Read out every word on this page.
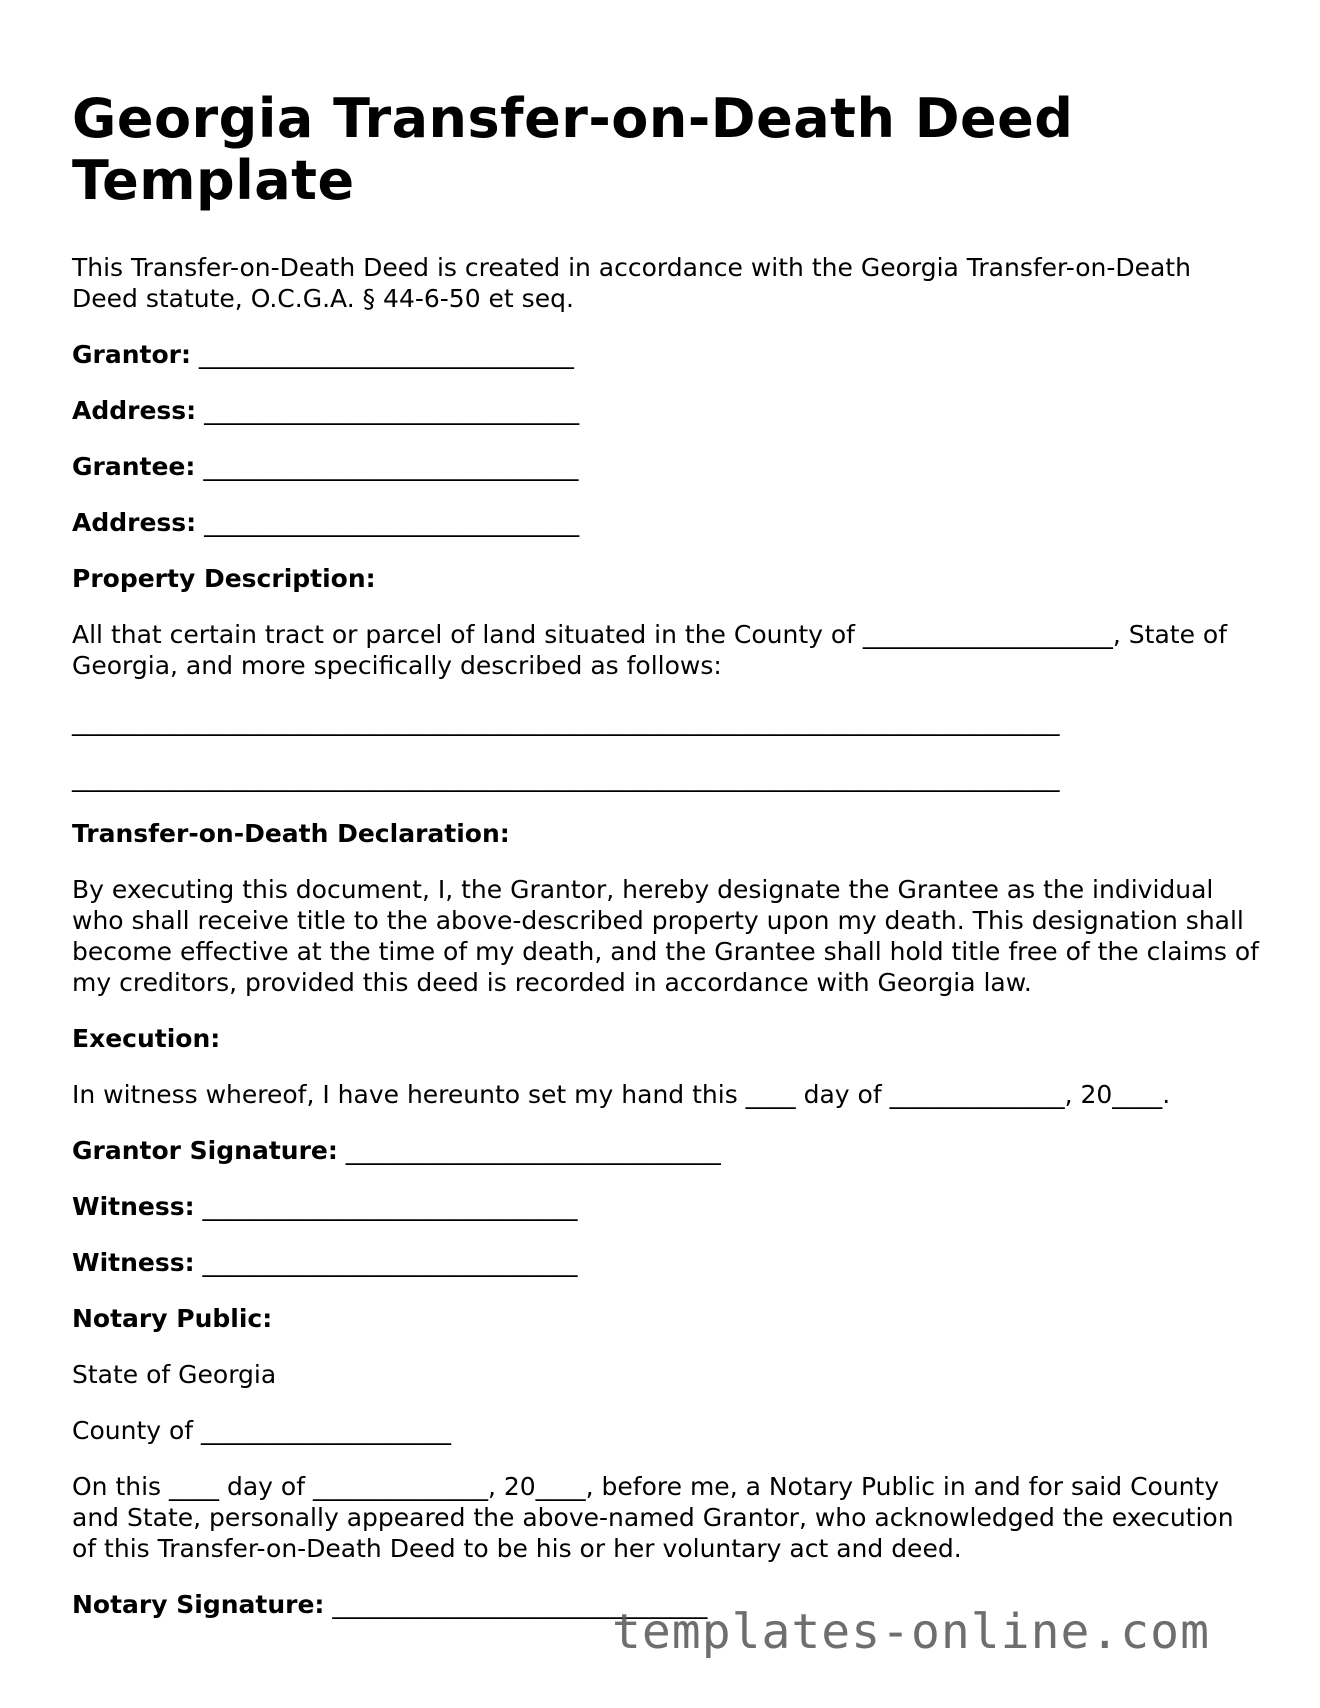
Georgia Transfer-on-Death Deed Template
This Transfer-on-Death Deed is created in accordance with the Georgia Transfer-on-Death Deed statute, O.C.G.A. § 44-6-50 et seq.
Grantor: ______________________________
Address: ______________________________
Grantee: ______________________________
Address: ______________________________
Property Description:
All that certain tract or parcel of land situated in the County of ____________________, State of Georgia, and more specifically described as follows:
_______________________________________________________________________________
_______________________________________________________________________________
Transfer-on-Death Declaration:
By executing this document, I, the Grantor, hereby designate the Grantee as the individual who shall receive title to the above-described property upon my death. This designation shall become effective at the time of my death, and the Grantee shall hold title free of the claims of my creditors, provided this deed is recorded in accordance with Georgia law.
Execution:
In witness whereof, I have hereunto set my hand this ____ day of ______________, 20____.
Grantor Signature: ______________________________
Witness: ______________________________
Witness: ______________________________
Notary Public:
State of Georgia
County of ____________________
On this ____ day of ______________, 20____, before me, a Notary Public in and for said County and State, personally appeared the above-named Grantor, who acknowledged the execution of this Transfer-on-Death Deed to be his or her voluntary act and deed.
Notary Signature: ______________________________
templates-online.com
